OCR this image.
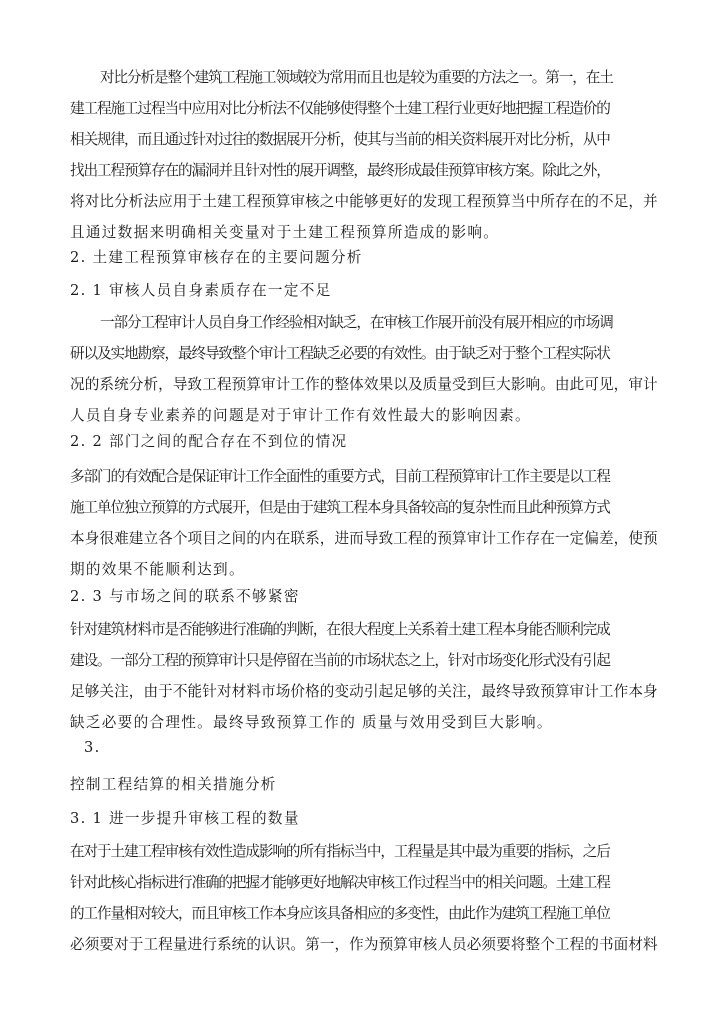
对比分析是整个建筑工程施工领域较为常用而且也是较为重要的方法之一。第一，在土
建工程施工过程当中应用对比分析法不仅能够使得整个土建工程行业更好地把握工程造价的
相关规律，而且通过针对过往的数据展开分析，使其与当前的相关资料展开对比分析，从中
找出工程预算存在的漏洞并且针对性的展开调整，最终形成最佳预算审核方案。除此之外，
将对比分析法应用于土建工程预算审核之中能够更好的发现工程预算当中所存在的不足，并
且通过数据来明确相关变量对于土建工程预算所造成的影响。
2. 土建工程预算审核存在的主要问题分析
2. 1 审核人员自身素质存在一定不足
一部分工程审计人员自身工作经验相对缺乏，在审核工作展开前没有展开相应的市场调
研以及实地勘察，最终导致整个审计工程缺乏必要的有效性。由于缺乏对于整个工程实际状
况的系统分析，导致工程预算审计工作的整体效果以及质量受到巨大影响。由此可见，审计
人员自身专业素养的问题是对于审计工作有效性最大的影响因素。
2. 2 部门之间的配合存在不到位的情况
多部门的有效配合是保证审计工作全面性的重要方式，目前工程预算审计工作主要是以工程
施工单位独立预算的方式展开，但是由于建筑工程本身具备较高的复杂性而且此种预算方式
本身很难建立各个项目之间的内在联系，进而导致工程的预算审计工作存在一定偏差，使预
期的效果不能顺利达到。
2. 3 与市场之间的联系不够紧密
针对建筑材料市是否能够进行准确的判断，在很大程度上关系着土建工程本身能否顺利完成
建设。一部分工程的预算审计只是停留在当前的市场状态之上，针对市场变化形式没有引起
足够关注，由于不能针对材料市场价格的变动引起足够的关注，最终导致预算审计工作本身
缺乏必要的合理性。最终导致预算工作的 质量与效用受到巨大影响。
3.
控制工程结算的相关措施分析
3. 1 进一步提升审核工程的数量
在对于土建工程审核有效性造成影响的所有指标当中，工程量是其中最为重要的指标，之后
针对此核心指标进行准确的把握才能够更好地解决审核工作过程当中的相关问题。土建工程
的工作量相对较大，而且审核工作本身应该具备相应的多变性，由此作为建筑工程施工单位
必须要对于工程量进行系统的认识。第一，作为预算审核人员必须要将整个工程的书面材料
